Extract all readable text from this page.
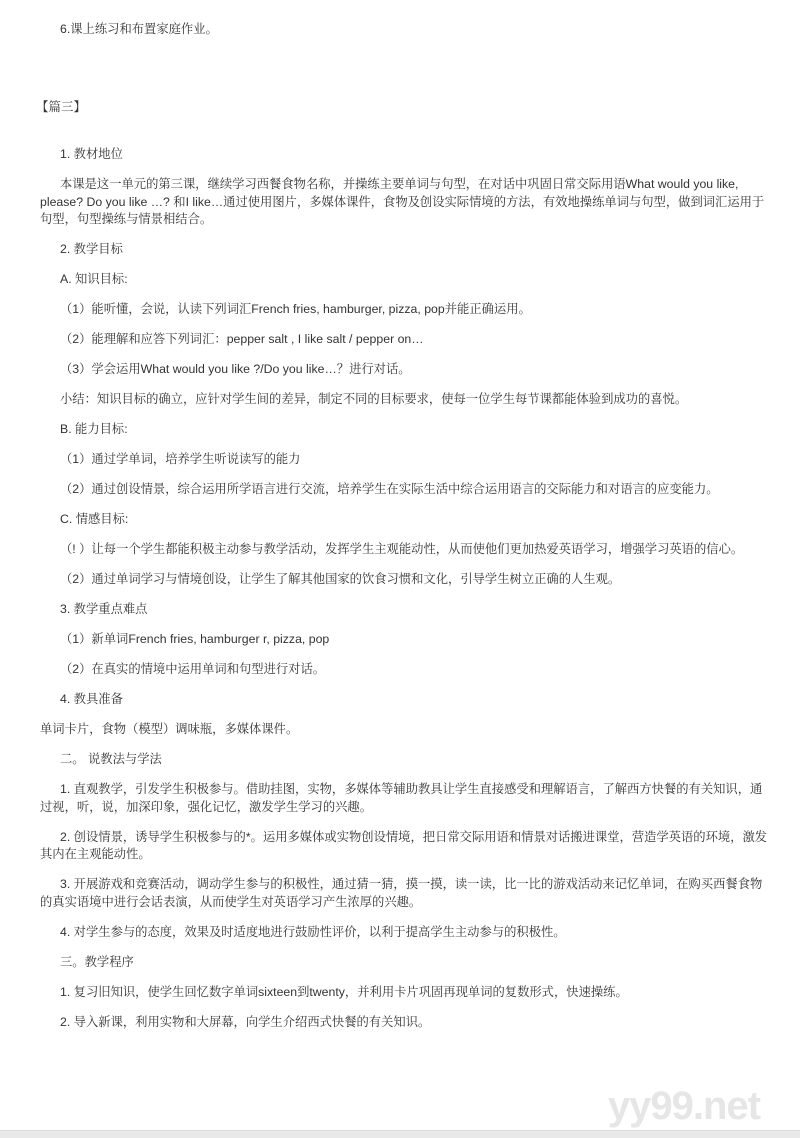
6.课上练习和布置家庭作业。

【篇三】

1. 教材地位

本课是这一单元的第三课，继续学习西餐食物名称，并操练主要单词与句型，在对话中巩固日常交际用语What would you like, please? Do you like …? 和I like…通过使用图片，多媒体课件，食物及创设实际情境的方法，有效地操练单词与句型，做到词汇运用于句型，句型操练与情景相结合。

2. 教学目标

A. 知识目标:

（1）能听懂，会说，认读下列词汇French fries, hamburger, pizza, pop并能正确运用。

（2）能理解和应答下列词汇：pepper salt , I like salt / pepper on…

（3）学会运用What would you like ?/Do you like…？进行对话。

小结：知识目标的确立，应针对学生间的差异，制定不同的目标要求，使每一位学生每节课都能体验到成功的喜悦。

B. 能力目标:

（1）通过学单词，培养学生听说读写的能力

（2）通过创设情景，综合运用所学语言进行交流，培养学生在实际生活中综合运用语言的交际能力和对语言的应变能力。

C. 情感目标:

（! ）让每一个学生都能积极主动参与教学活动，发挥学生主观能动性，从而使他们更加热爱英语学习，增强学习英语的信心。

（2）通过单词学习与情境创设，让学生了解其他国家的饮食习惯和文化，引导学生树立正确的人生观。

3. 教学重点难点

（1）新单词French fries, hamburger r, pizza, pop

（2）在真实的情境中运用单词和句型进行对话。

4. 教具准备

单词卡片，食物（模型）调味瓶，多媒体课件。

二。 说教法与学法

1. 直观教学，引发学生积极参与。借助挂图，实物，多媒体等辅助教具让学生直接感受和理解语言，了解西方快餐的有关知识，通过视，听，说，加深印象，强化记忆，激发学生学习的兴趣。

2. 创设情景，诱导学生积极参与的*。运用多媒体或实物创设情境，把日常交际用语和情景对话搬进课堂，营造学英语的环境，激发其内在主观能动性。

3. 开展游戏和竞赛活动，调动学生参与的积极性，通过猜一猜，摸一摸，读一读，比一比的游戏活动来记忆单词，在购买西餐食物的真实语境中进行会话表演，从而使学生对英语学习产生浓厚的兴趣。

4. 对学生参与的态度，效果及时适度地进行鼓励性评价，以利于提高学生主动参与的积极性。

三。教学程序

1. 复习旧知识，使学生回忆数字单词sixteen到twenty，并利用卡片巩固再现单词的复数形式，快速操练。

2. 导入新课，利用实物和大屏幕，向学生介绍西式快餐的有关知识。

yy99.net
